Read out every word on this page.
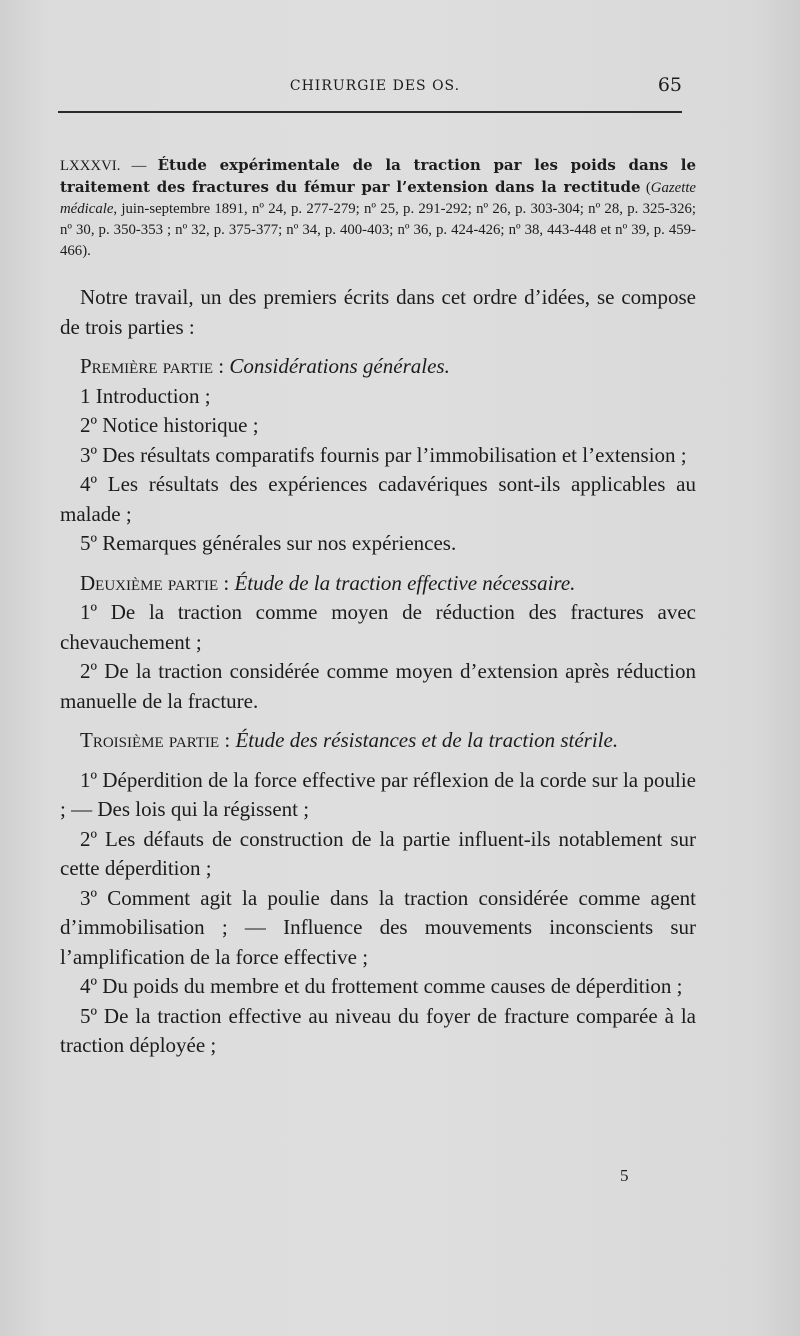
CHIRURGIE DES OS.	65
LXXXVI. — Étude expérimentale de la traction par les poids dans le traitement des fractures du fémur par l’extension dans la rectitude (Gazette médicale, juin-septembre 1891, nº 24, p. 277-279; nº 25, p. 291-292; nº 26, p. 303-304; nº 28, p. 325-326; nº 30, p. 350-353 ; nº 32, p. 375-377; nº 34, p. 400-403; nº 36, p. 424-426; nº 38, 443-448 et nº 39, p. 459-466).

Notre travail, un des premiers écrits dans cet ordre d’idées, se compose de trois parties :

Première partie : Considérations générales.

1 Introduction ;

2º Notice historique ;

3º Des résultats comparatifs fournis par l’immobilisation et l’extension ;

4º Les résultats des expériences cadavériques sont-ils applicables au malade ;

5º Remarques générales sur nos expériences.

Deuxième partie : Étude de la traction effective nécessaire.

1º De la traction comme moyen de réduction des fractures avec chevauchement ;

2º De la traction considérée comme moyen d’extension après réduction manuelle de la fracture.

Troisième partie : Étude des résistances et de la traction stérile.

1º Déperdition de la force effective par réflexion de la corde sur la poulie ; — Des lois qui la régissent ;

2º Les défauts de construction de la partie influent-ils notablement sur cette déperdition ;

3º Comment agit la poulie dans la traction considérée comme agent d’immobilisation ; — Influence des mouvements inconscients sur l’amplification de la force effective ;

4º Du poids du membre et du frottement comme causes de déperdition ;

5º De la traction effective au niveau du foyer de fracture comparée à la traction déployée ;

5
